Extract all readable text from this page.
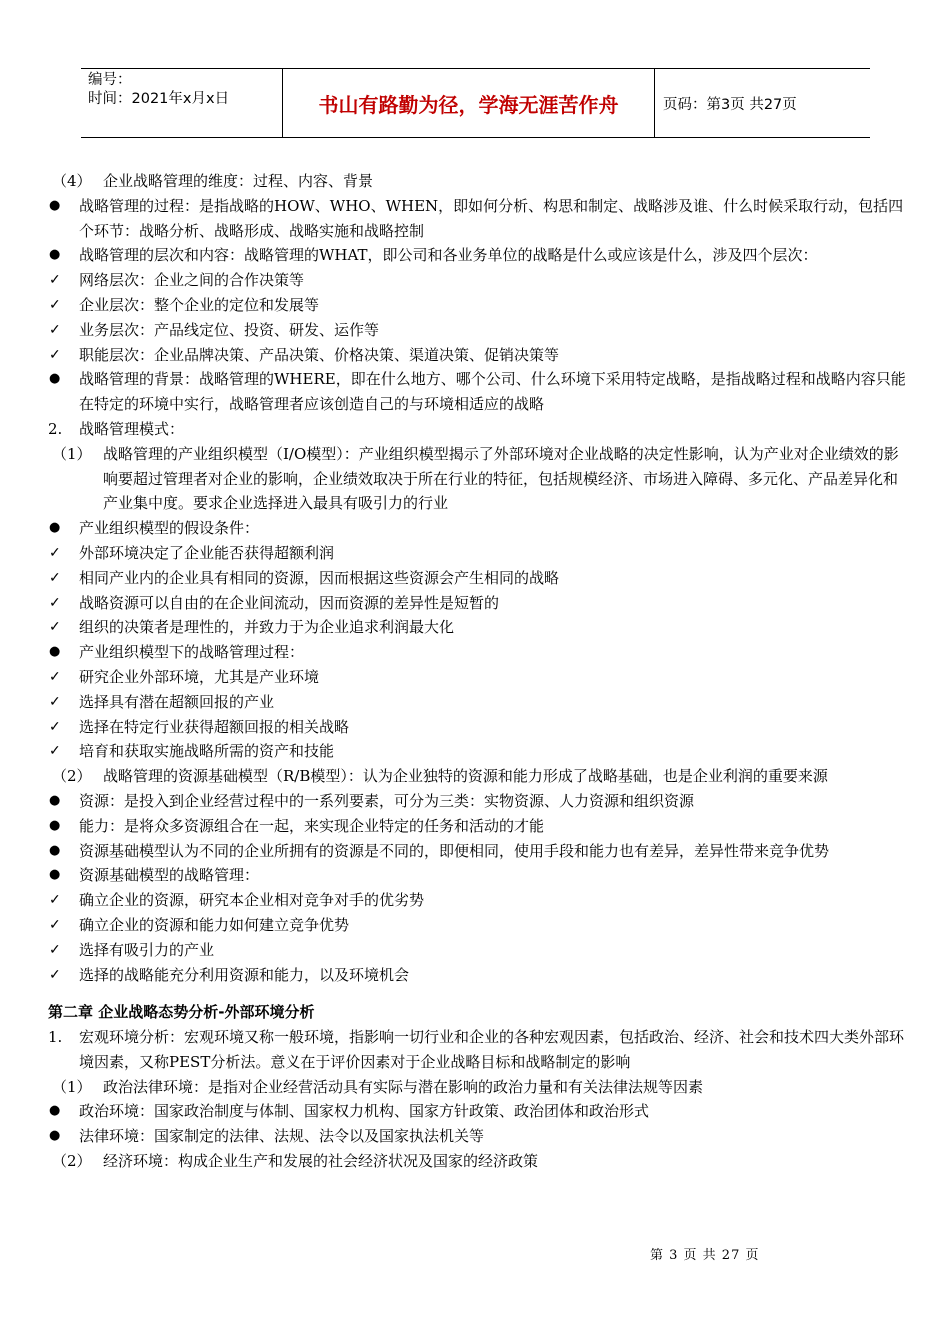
编号：
时间：2021年x月x日	书山有路勤为径，学海无涯苦作舟	页码：第3页 共27页
（4） 企业战略管理的维度：过程、内容、背景
●	战略管理的过程：是指战略的HOW、WHO、WHEN，即如何分析、构思和制定、战略涉及谁、什么时候采取行动，包括四个环节：战略分析、战略形成、战略实施和战略控制
●	战略管理的层次和内容：战略管理的WHAT，即公司和各业务单位的战略是什么或应该是什么，涉及四个层次：
✓	网络层次：企业之间的合作决策等
✓	企业层次：整个企业的定位和发展等
✓	业务层次：产品线定位、投资、研发、运作等
✓	职能层次：企业品牌决策、产品决策、价格决策、渠道决策、促销决策等
●	战略管理的背景：战略管理的WHERE，即在什么地方、哪个公司、什么环境下采用特定战略，是指战略过程和战略内容只能在特定的环境中实行，战略管理者应该创造自己的与环境相适应的战略
2.	战略管理模式：
（1） 战略管理的产业组织模型（I/O模型）：产业组织模型揭示了外部环境对企业战略的决定性影响，认为产业对企业绩效的影响要超过管理者对企业的影响，企业绩效取决于所在行业的特征，包括规模经济、市场进入障碍、多元化、产品差异化和产业集中度。要求企业选择进入最具有吸引力的行业
●	产业组织模型的假设条件：
✓	外部环境决定了企业能否获得超额利润
✓	相同产业内的企业具有相同的资源，因而根据这些资源会产生相同的战略
✓	战略资源可以自由的在企业间流动，因而资源的差异性是短暂的
✓	组织的决策者是理性的，并致力于为企业追求利润最大化
●	产业组织模型下的战略管理过程：
✓	研究企业外部环境，尤其是产业环境
✓	选择具有潜在超额回报的产业
✓	选择在特定行业获得超额回报的相关战略
✓	培育和获取实施战略所需的资产和技能
（2） 战略管理的资源基础模型（R/B模型）：认为企业独特的资源和能力形成了战略基础，也是企业利润的重要来源
●	资源：是投入到企业经营过程中的一系列要素，可分为三类：实物资源、人力资源和组织资源
●	能力：是将众多资源组合在一起，来实现企业特定的任务和活动的才能
●	资源基础模型认为不同的企业所拥有的资源是不同的，即便相同，使用手段和能力也有差异，差异性带来竞争优势
●	资源基础模型的战略管理：
✓	确立企业的资源，研究本企业相对竞争对手的优劣势
✓	确立企业的资源和能力如何建立竞争优势
✓	选择有吸引力的产业
✓	选择的战略能充分利用资源和能力，以及环境机会
第二章 企业战略态势分析-外部环境分析
1.	宏观环境分析：宏观环境又称一般环境，指影响一切行业和企业的各种宏观因素，包括政治、经济、社会和技术四大类外部环境因素，又称PEST分析法。意义在于评价因素对于企业战略目标和战略制定的影响
（1） 政治法律环境：是指对企业经营活动具有实际与潜在影响的政治力量和有关法律法规等因素
●	政治环境：国家政治制度与体制、国家权力机构、国家方针政策、政治团体和政治形式
●	法律环境：国家制定的法律、法规、法令以及国家执法机关等
（2） 经济环境：构成企业生产和发展的社会经济状况及国家的经济政策
第 3 页 共 27 页
